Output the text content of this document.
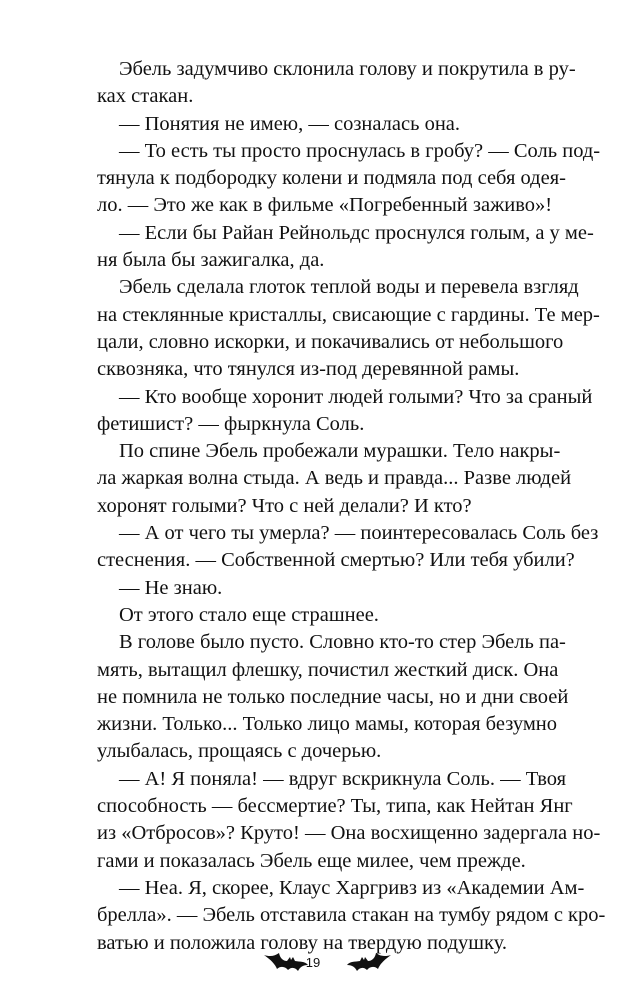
Эбель задумчиво склонила голову и покрутила в ру-
ках стакан.
— Понятия не имею, — созналась она.
— То есть ты просто проснулась в гробу? — Соль под-
тянула к подбородку колени и подмяла под себя одея-
ло. — Это же как в фильме «Погребенный заживо»!
— Если бы Райан Рейнольдс проснулся голым, а у ме-
ня была бы зажигалка, да.
Эбель сделала глоток теплой воды и перевела взгляд
на стеклянные кристаллы, свисающие с гардины. Те мер-
цали, словно искорки, и покачивались от небольшого
сквозняка, что тянулся из-под деревянной рамы.
— Кто вообще хоронит людей голыми? Что за сраный
фетишист? — фыркнула Соль.
По спине Эбель пробежали мурашки. Тело накры-
ла жаркая волна стыда. А ведь и правда... Разве людей
хоронят голыми? Что с ней делали? И кто?
— А от чего ты умерла? — поинтересовалась Соль без
стеснения. — Собственной смертью? Или тебя убили?
— Не знаю.
От этого стало еще страшнее.
В голове было пусто. Словно кто-то стер Эбель па-
мять, вытащил флешку, почистил жесткий диск. Она
не помнила не только последние часы, но и дни своей
жизни. Только... Только лицо мамы, которая безумно
улыбалась, прощаясь с дочерью.
— А! Я поняла! — вдруг вскрикнула Соль. — Твоя
способность — бессмертие? Ты, типа, как Нейтан Янг
из «Отбросов»? Круто! — Она восхищенно задергала но-
гами и показалась Эбель еще милее, чем прежде.
— Неа. Я, скорее, Клаус Харгривз из «Академии Ам-
брелла». — Эбель отставила стакан на тумбу рядом с кро-
ватью и положила голову на твердую подушку.
19
